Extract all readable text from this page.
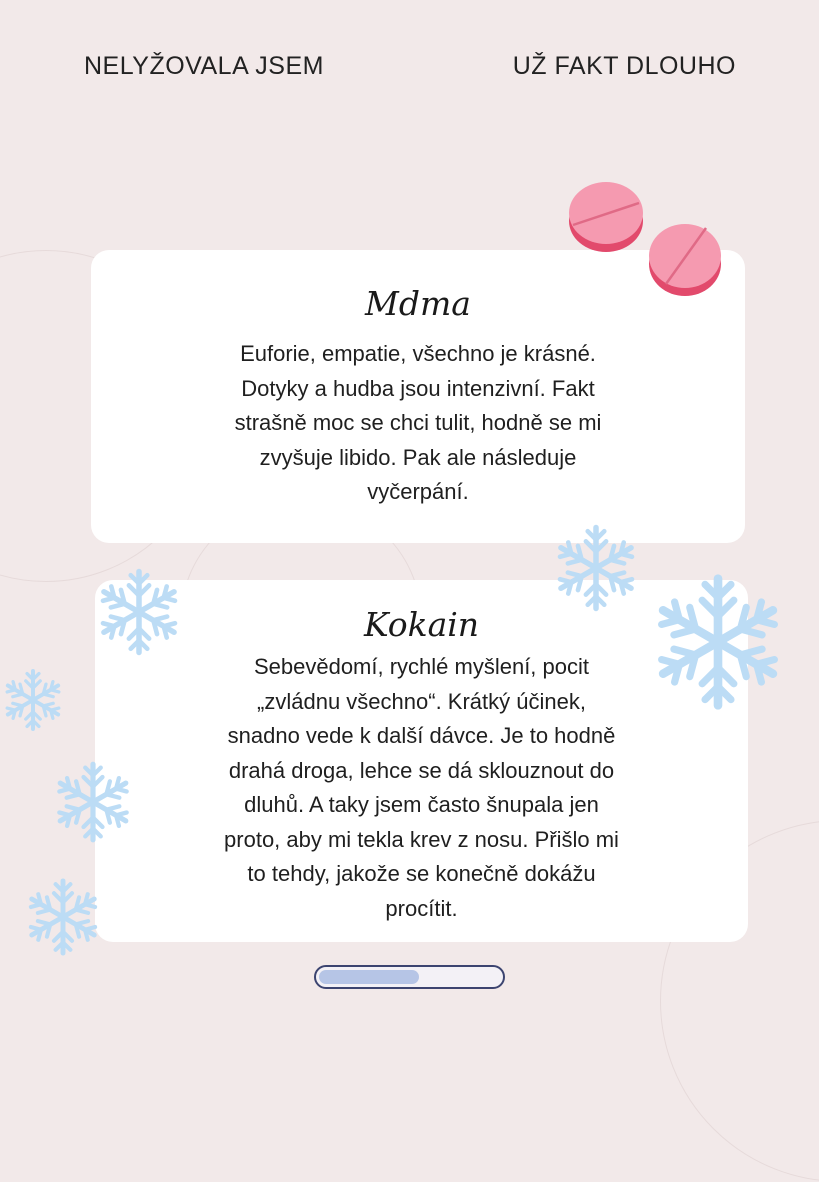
NELYŽOVALA JSEM	UŽ FAKT DLOUHO
Mdma
Euforie, empatie, všechno je krásné.
Dotyky a hudba jsou intenzivní. Fakt
strašně moc se chci tulit, hodně se mi
zvyšuje libido. Pak ale následuje
vyčerpání.
Kokain
Sebevědomí, rychlé myšlení, pocit
„zvládnu všechno“. Krátký účinek,
snadno vede k další dávce. Je to hodně
drahá droga, lehce se dá sklouznout do
dluhů. A taky jsem často šnupala jen
proto, aby mi tekla krev z nosu. Přišlo mi
to tehdy, jakože se konečně dokážu
procítit.
